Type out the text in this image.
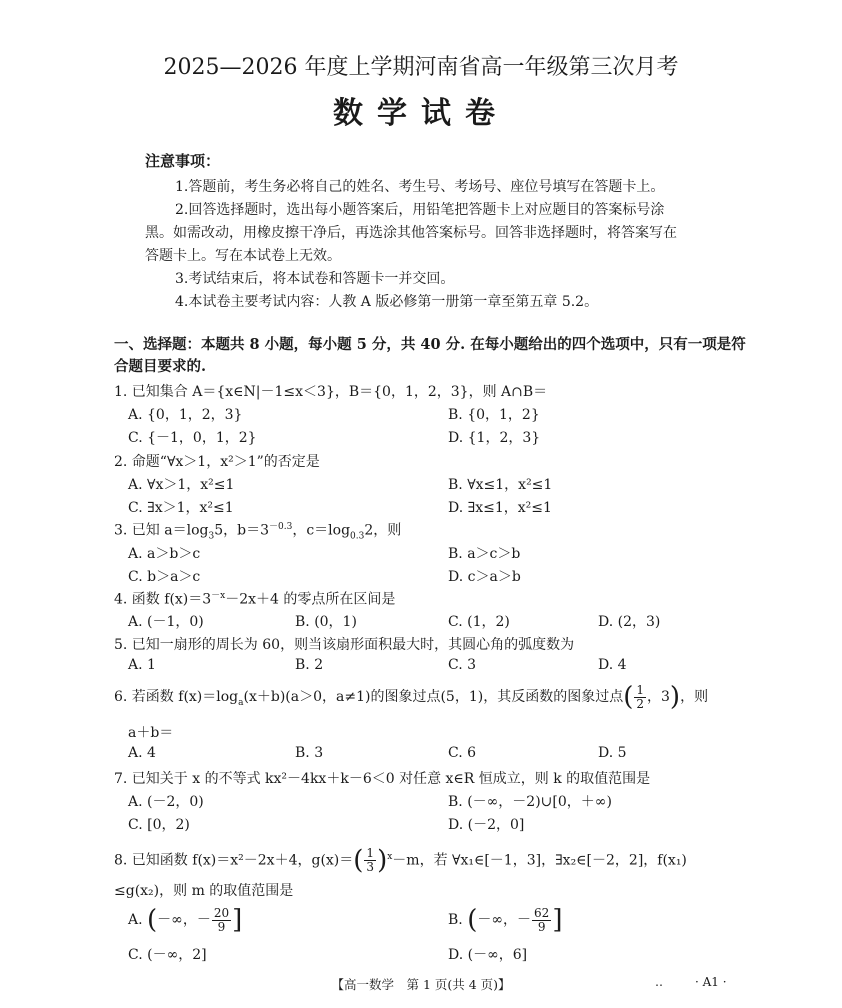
2025—2026 年度上学期河南省高一年级第三次月考
数学试卷
注意事项：
1.答题前，考生务必将自己的姓名、考生号、考场号、座位号填写在答题卡上。
2.回答选择题时，选出每小题答案后，用铅笔把答题卡上对应题目的答案标号涂
黑。如需改动，用橡皮擦干净后，再选涂其他答案标号。回答非选择题时，将答案写在
答题卡上。写在本试卷上无效。
3.考试结束后，将本试卷和答题卡一并交回。
4.本试卷主要考试内容：人教 A 版必修第一册第一章至第五章 5.2。
一、选择题：本题共 8 小题，每小题 5 分，共 40 分. 在每小题给出的四个选项中，只有一项是符合题目要求的.
1. 已知集合 A＝{x∈N|－1≤x＜3}，B＝{0，1，2，3}，则 A∩B＝
A. {0，1，2，3}	B. {0，1，2}
C. {－1，0，1，2}	D. {1，2，3}
2. 命题“∀x＞1，x²＞1”的否定是
A. ∀x＞1，x²≤1	B. ∀x≤1，x²≤1
C. ∃x＞1，x²≤1	D. ∃x≤1，x²≤1
3. 已知 $a=\log_35$，$b=3^{-0.3}$，$c=\log_{0.3}2$，则
A. a＞b＞c	B. a＞c＞b
C. b＞a＞c	D. c＞a＞b
4. 函数 $f(x)=3^{-x}-2x+4$ 的零点所在区间是
A. (－1，0)	B. (0，1)	C. (1，2)	D. (2，3)
5. 已知一扇形的周长为 60，则当该扇形面积最大时，其圆心角的弧度数为
A. 1	B. 2	C. 3	D. 4
6. 若函数 $f(x)=\log_a(x+b)(a>0$，a≠1)的图象过点(5，1)，其反函数的图象过点( $\frac{1}{2}$ ，3)，则
a＋b＝
A. 4	B. 3	C. 6	D. 5
7. 已知关于 x 的不等式 kx²－4kx＋k－6＜0 对任意 x∈R 恒成立，则 k 的取值范围是
A. (－2，0)	B. (－∞，－2)∪[0，＋∞)
C. [0，2)	D. (－2，0]
8. 已知函数 f(x)＝x²－2x＋4，$g(x)=( \frac{1}{3} )^x-m$，若 ∀x₁∈[－1，3]，∃x₂∈[－2，2]，f(x₁)
≤g(x₂)，则 m 的取值范围是
A. (－∞，－ $\frac{20}{9}$ ]	B. (－∞，－ $\frac{62}{9}$ ]
C. (－∞，2]	D. (－∞，6]
【高一数学　第 1 页(共 4 页)】	‥	· A1 ·
